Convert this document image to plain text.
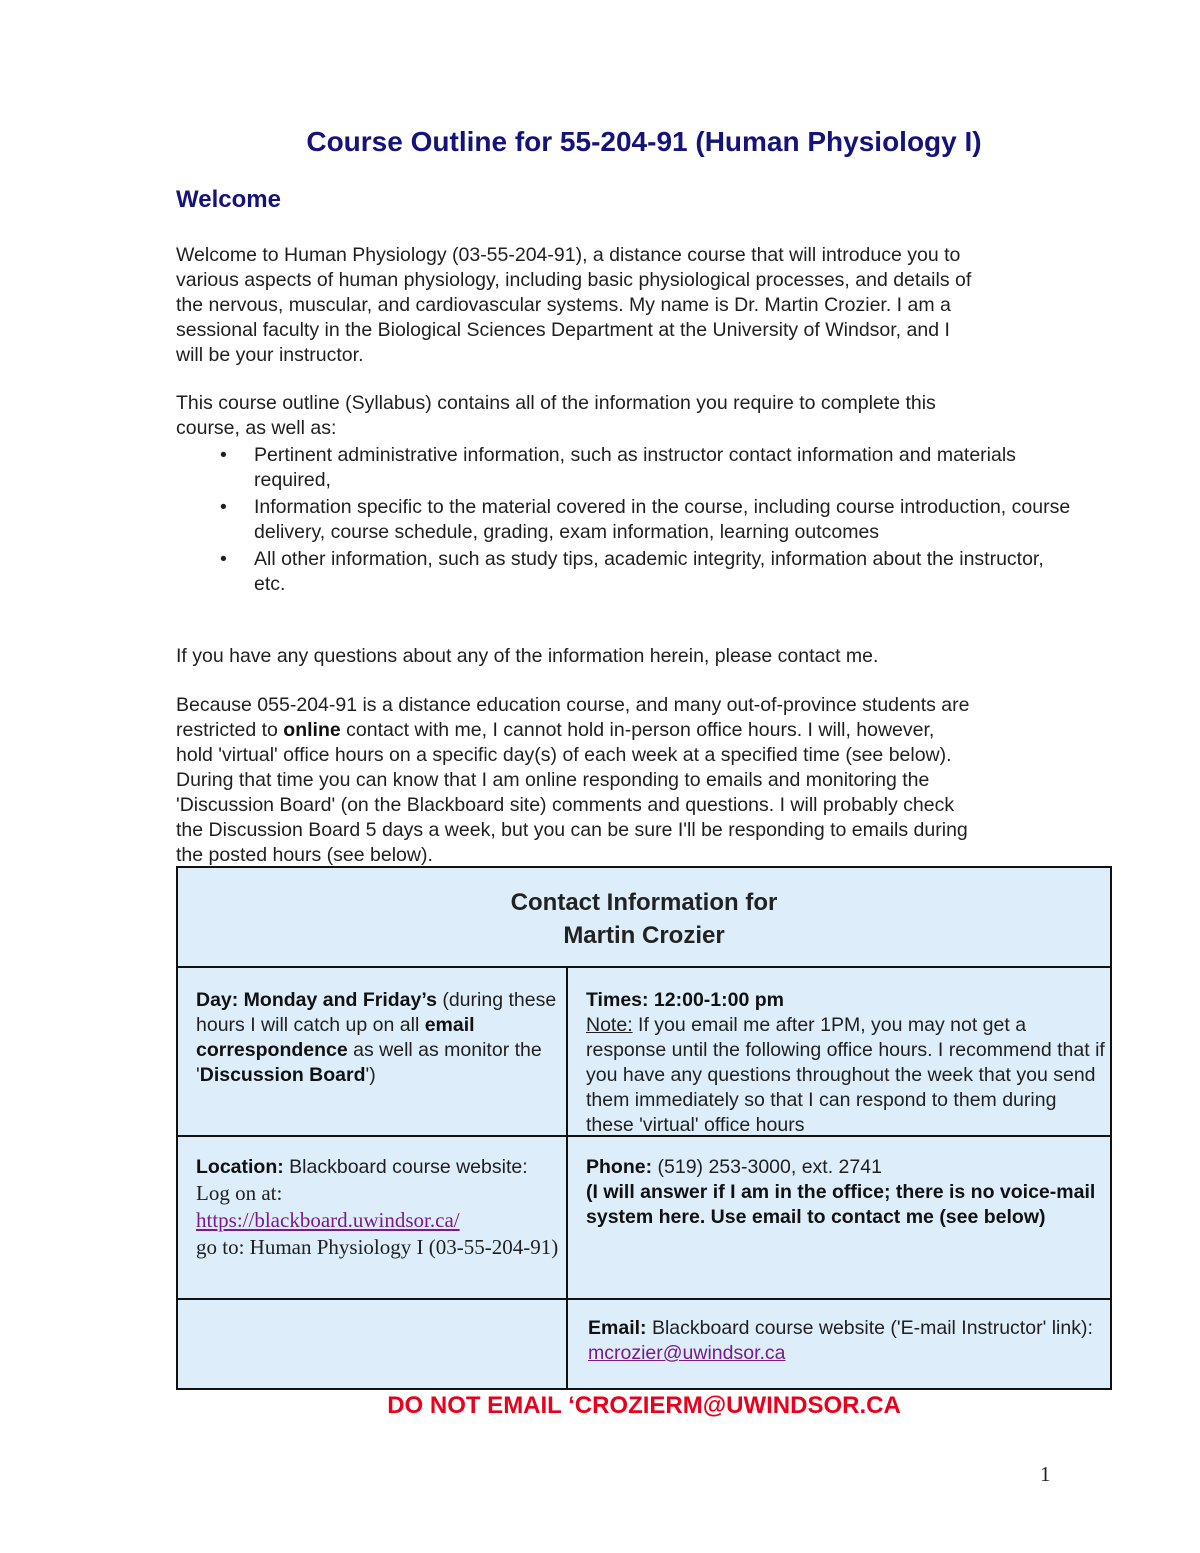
Course Outline for 55-204-91 (Human Physiology I)
Welcome

Welcome to Human Physiology (03-55-204-91), a distance course that will introduce you to
various aspects of human physiology, including basic physiological processes, and details of
the nervous, muscular, and cardiovascular systems. My name is Dr. Martin Crozier. I am a
sessional faculty in the Biological Sciences Department at the University of Windsor, and I
will be your instructor.

This course outline (Syllabus) contains all of the information you require to complete this
course, as well as:

• Pertinent administrative information, such as instructor contact information and materials required,
• Information specific to the material covered in the course, including course introduction, course delivery, course schedule, grading, exam information, learning outcomes
• All other information, such as study tips, academic integrity, information about the instructor, etc.

If you have any questions about any of the information herein, please contact me.

Because 055-204-91 is a distance education course, and many out-of-province students are
restricted to online contact with me, I cannot hold in-person office hours. I will, however,
hold 'virtual' office hours on a specific day(s) of each week at a specified time (see below).
During that time you can know that I am online responding to emails and monitoring the
'Discussion Board' (on the Blackboard site) comments and questions. I will probably check
the Discussion Board 5 days a week, but you can be sure I'll be responding to emails during
the posted hours (see below).

Contact Information for
Martin Crozier
Day: Monday and Friday’s (during these hours I will catch up on all email correspondence as well as monitor the 'Discussion Board')
Times: 12:00-1:00 pm
Note: If you email me after 1PM, you may not get a response until the following office hours. I recommend that if you have any questions throughout the week that you send them immediately so that I can respond to them during these 'virtual' office hours
Location: Blackboard course website:
Log on at:
https://blackboard.uwindsor.ca/
go to: Human Physiology I (03-55-204-91)
Phone: (519) 253-3000, ext. 2741
(I will answer if I am in the office; there is no voice-mail system here. Use email to contact me (see below)
Email: Blackboard course website ('E-mail Instructor' link): mcrozier@uwindsor.ca

DO NOT EMAIL ‘CROZIERM@UWINDSOR.CA

1
